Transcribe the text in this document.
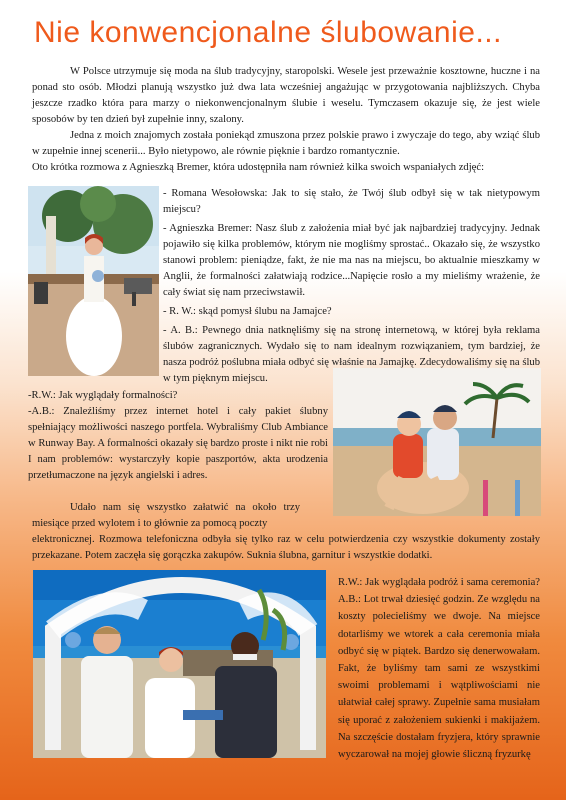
Nie konwencjonalne ślubowanie...

W Polsce utrzymuje się moda na ślub tradycyjny, staropolski. Wesele jest przeważnie kosztowne, huczne i na ponad sto osób. Młodzi planują wszystko już dwa lata wcześniej angażując w przygotowania najbliższych. Chyba jeszcze rzadko która para marzy o niekonwencjonalnym ślubie i weselu. Tymczasem okazuje się, że jest wiele sposobów by ten dzień był zupełnie inny, szalony.

Jedna z moich znajomych została poniekąd zmuszona przez polskie prawo i zwyczaje do tego, aby wziąć ślub w zupełnie innej scenerii... Było nietypowo, ale równie pięknie i bardzo romantycznie.

Oto krótka rozmowa z Agnieszką Bremer, która udostępniła nam również kilka swoich wspaniałych zdjęć:

- Romana Wesołowska: Jak to się stało, że Twój ślub odbył się w tak nietypowym miejscu?

- Agnieszka Bremer: Nasz ślub z założenia miał być jak najbardziej tradycyjny. Jednak pojawiło się kilka problemów, którym nie mogliśmy sprostać.. Okazało się, że wszystko stanowi problem: pieniądze, fakt, że nie ma nas na miejscu, bo aktualnie mieszkamy w Anglii, że formalności załatwiają rodzice...Napięcie rosło a my mieliśmy wrażenie, że cały świat się nam przeciwstawił.

- R. W.: skąd pomysł ślubu na Jamajce?

- A. B.: Pewnego dnia natknęliśmy się na stronę internetową, w której była reklama ślubów zagranicznych. Wydało się to nam idealnym rozwiązaniem, tym bardziej, że nasza podróż poślubna miała odbyć się właśnie na Jamajkę. Zdecydowaliśmy się na ślub w tym pięknym miejscu.

-R.W.: Jak wyglądały formalności?

-A.B.: Znaleźliśmy przez internet hotel i cały pakiet ślubny spełniający możliwości naszego portfela. Wybraliśmy Club Ambiance w Runway Bay. A formalności okazały się bardzo proste i nikt nie robi I nam problemów: wystarczyły kopie paszportów, akta urodzenia przetłumaczone na język angielski i adres.

Udało nam się wszystko załatwić na około trzy miesiące przed wylotem i to głównie za pomocą poczty

elektronicznej. Rozmowa telefoniczna odbyła się tylko raz w celu potwierdzenia czy wszystkie dokumenty zostały przekazane. Potem zaczęła się gorączka zakupów. Suknia ślubna, garnitur i wszystkie dodatki.

R.W.: Jak wyglądała podróż i sama ceremonia? A.B.: Lot trwał dziesięć godzin. Ze względu na koszty polecieliśmy we dwoje. Na miejsce dotarliśmy we wtorek a cała ceremonia miała odbyć się w piątek. Bardzo się denerwowałam. Fakt, że byliśmy tam sami ze wszystkimi swoimi problemami i wątpliwościami nie ułatwiał całej sprawy. Zupełnie sama musiałam się uporać z założeniem sukienki i makijażem. Na szczęście dostałam fryzjera, który sprawnie wyczarował na mojej głowie śliczną fryzurkę
